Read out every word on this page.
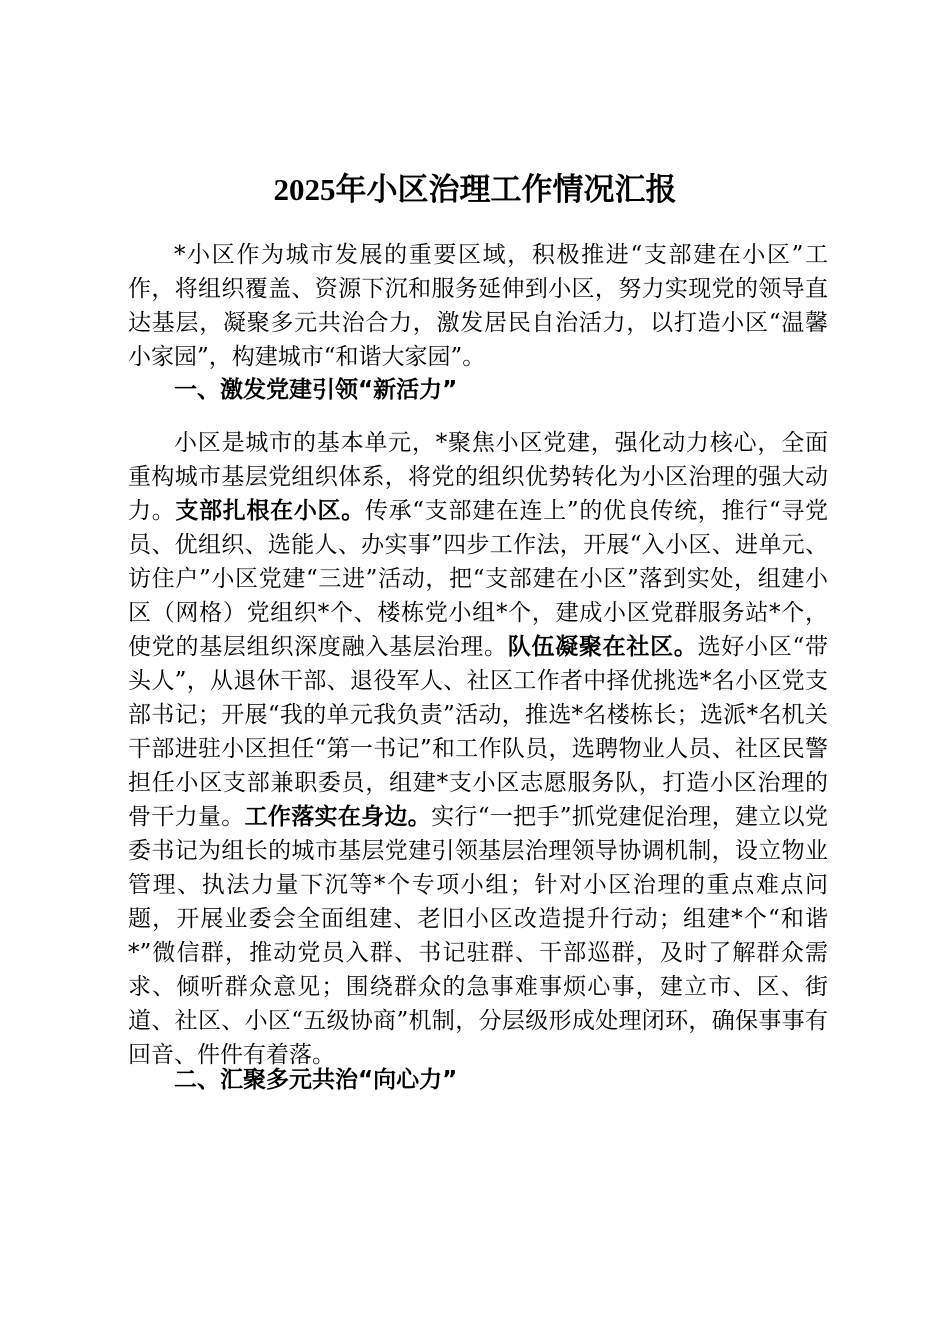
2025年小区治理工作情况汇报

*小区作为城市发展的重要区域，积极推进“支部建在小区”工作，将组织覆盖、资源下沉和服务延伸到小区，努力实现党的领导直达基层，凝聚多元共治合力，激发居民自治活力，以打造小区“温馨小家园”，构建城市“和谐大家园”。

一、激发党建引领“新活力”

小区是城市的基本单元，*聚焦小区党建，强化动力核心，全面重构城市基层党组织体系，将党的组织优势转化为小区治理的强大动力。支部扎根在小区。传承“支部建在连上”的优良传统，推行“寻党员、优组织、选能人、办实事”四步工作法，开展“入小区、进单元、访住户”小区党建“三进”活动，把“支部建在小区”落到实处，组建小区（网格）党组织*个、楼栋党小组*个，建成小区党群服务站*个，使党的基层组织深度融入基层治理。队伍凝聚在社区。选好小区“带头人”，从退休干部、退役军人、社区工作者中择优挑选*名小区党支部书记；开展“我的单元我负责”活动，推选*名楼栋长；选派*名机关干部进驻小区担任“第一书记”和工作队员，选聘物业人员、社区民警担任小区支部兼职委员，组建*支小区志愿服务队，打造小区治理的骨干力量。工作落实在身边。实行“一把手”抓党建促治理，建立以党委书记为组长的城市基层党建引领基层治理领导协调机制，设立物业管理、执法力量下沉等*个专项小组；针对小区治理的重点难点问题，开展业委会全面组建、老旧小区改造提升行动；组建*个“和谐*”微信群，推动党员入群、书记驻群、干部巡群，及时了解群众需求、倾听群众意见；围绕群众的急事难事烦心事，建立市、区、街道、社区、小区“五级协商”机制，分层级形成处理闭环，确保事事有回音、件件有着落。

二、汇聚多元共治“向心力”
